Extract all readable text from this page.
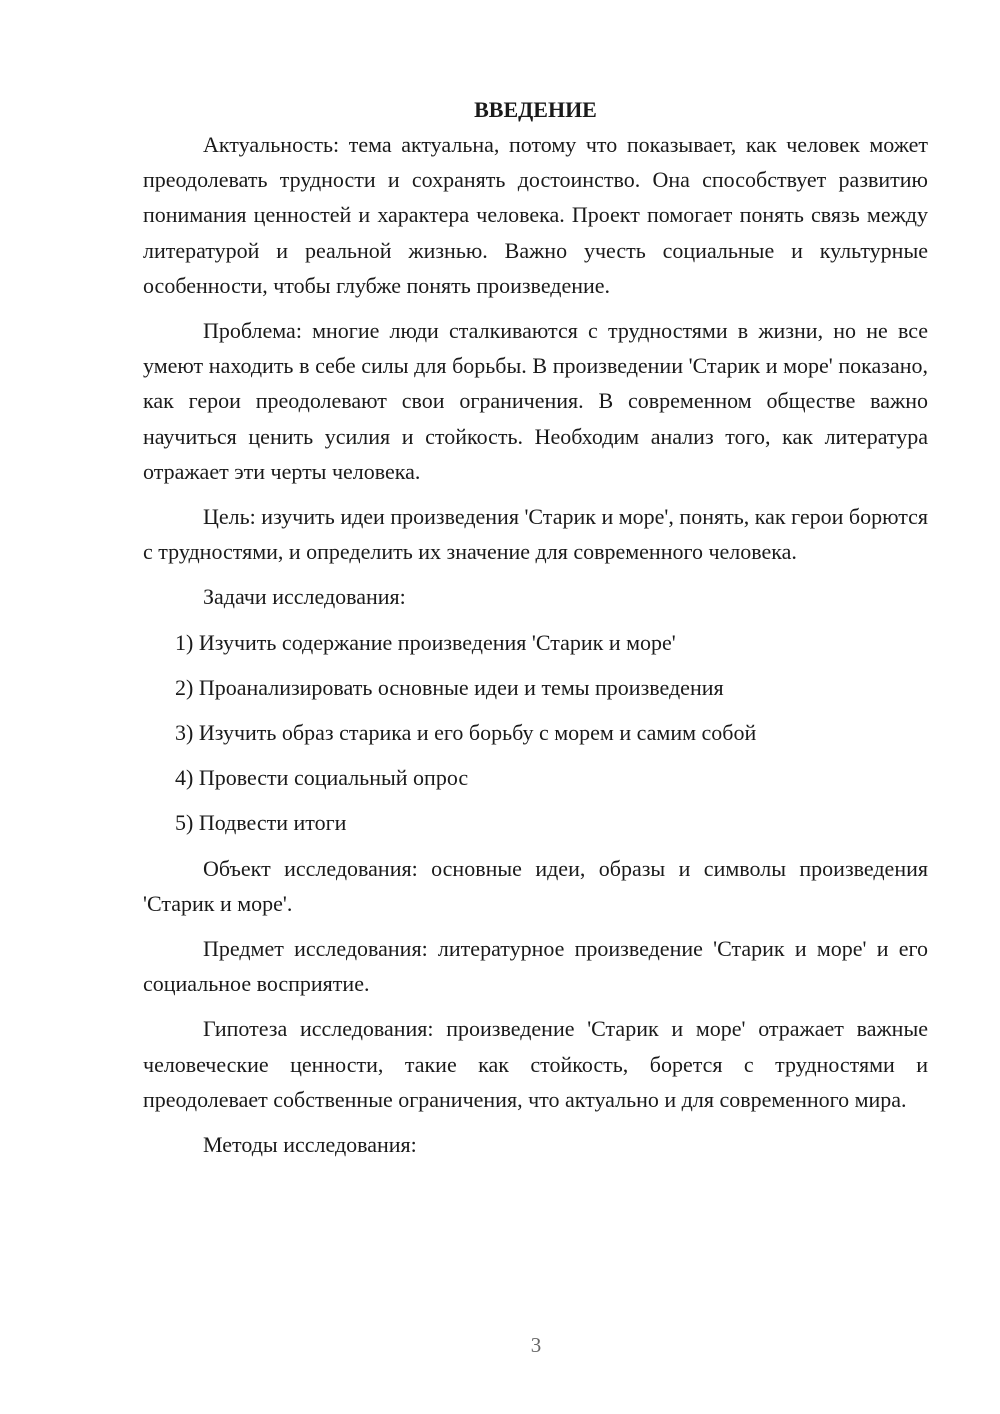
ВВЕДЕНИЕ

Актуальность: тема актуальна, потому что показывает, как человек может преодолевать трудности и сохранять достоинство. Она способствует развитию понимания ценностей и характера человека. Проект помогает понять связь между литературой и реальной жизнью. Важно учесть социальные и культурные особенности, чтобы глубже понять произведение.

Проблема: многие люди сталкиваются с трудностями в жизни, но не все умеют находить в себе силы для борьбы. В произведении 'Старик и море' показано, как герои преодолевают свои ограничения. В современном обществе важно научиться ценить усилия и стойкость. Необходим анализ того, как литература отражает эти черты человека.

Цель: изучить идеи произведения 'Старик и море', понять, как герои борются с трудностями, и определить их значение для современного человека.

Задачи исследования:

1) Изучить содержание произведения 'Старик и море'
2) Проанализировать основные идеи и темы произведения
3) Изучить образ старика и его борьбу с морем и самим собой
4) Провести социальный опрос
5) Подвести итоги

Объект исследования: основные идеи, образы и символы произведения 'Старик и море'.

Предмет исследования: литературное произведение 'Старик и море' и его социальное восприятие.

Гипотеза исследования: произведение 'Старик и море' отражает важные человеческие ценности, такие как стойкость, борется с трудностями и преодолевает собственные ограничения, что актуально и для современного мира.

Методы исследования:

3
